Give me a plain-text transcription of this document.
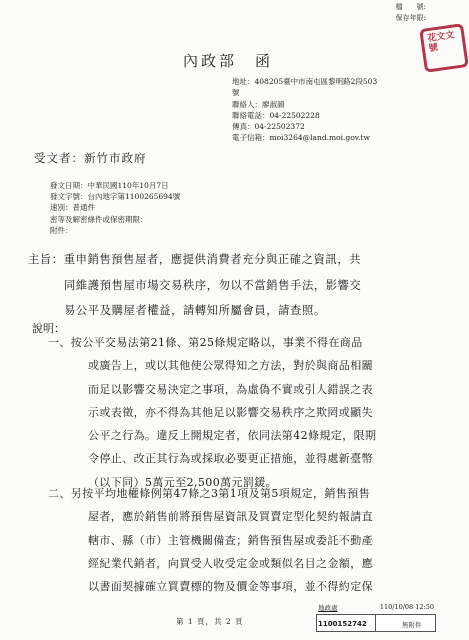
檔　　號:
保存年限:
花文文號
內政部　函
地址：408205臺中市南屯區黎明路2段503
號
聯絡人：廖淑韻
聯絡電話：04-22502228
傳真：04-22502372
電子信箱：moi3264@land.moi.gov.tw
受文者：新竹市政府
發文日期：中華民國110年10月7日
發文字號：台內地字第1100265694號
速別：普通件
密等及解密條件或保密期限：
附件：
主旨：重申銷售預售屋者，應提供消費者充分與正確之資訊，共
同維護預售屋市場交易秩序，勿以不當銷售手法，影響交
易公平及購屋者權益，請轉知所屬會員，請查照。
說明：
一、按公平交易法第21條、第25條規定略以，事業不得在商品
或廣告上，或以其他使公眾得知之方法，對於與商品相關
而足以影響交易決定之事項，為虛偽不實或引人錯誤之表
示或表徵，亦不得為其他足以影響交易秩序之欺罔或顯失
公平之行為。違反上開規定者，依同法第42條規定，限期
令停止、改正其行為或採取必要更正措施，並得處新臺幣
（以下同）5萬元至2,500萬元罰鍰。
二、另按平均地權條例第47條之3第1項及第5項規定，銷售預售
屋者，應於銷售前將預售屋資訊及買賣定型化契約報請直
轄市、縣（市）主管機關備查；銷售預售屋或委託不動產
經紀業代銷者，向買受人收受定金或類似名目之金額，應
以書面契據確立買賣標的物及價金等事項，並不得約定保
第 1 頁，共 2 頁
地政處	110/10/08 12:50
1100152742	無附件
